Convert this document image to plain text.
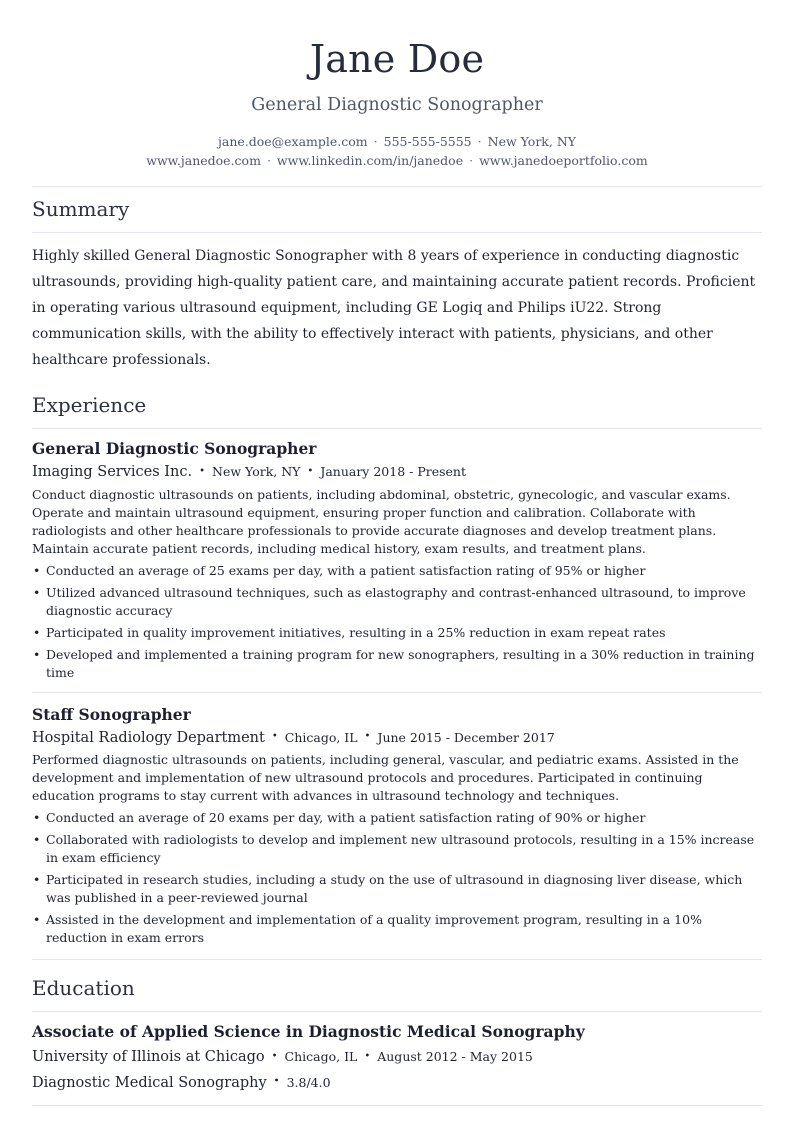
Jane Doe
General Diagnostic Sonographer
jane.doe@example.com · 555-555-5555 · New York, NY
www.janedoe.com · www.linkedin.com/in/janedoe · www.janedoeportfolio.com
Summary

Highly skilled General Diagnostic Sonographer with 8 years of experience in conducting diagnostic ultrasounds, providing high-quality patient care, and maintaining accurate patient records. Proficient in operating various ultrasound equipment, including GE Logiq and Philips iU22. Strong communication skills, with the ability to effectively interact with patients, physicians, and other healthcare professionals.

Experience
General Diagnostic Sonographer
Imaging Services Inc. • New York, NY • January 2018 - Present

Conduct diagnostic ultrasounds on patients, including abdominal, obstetric, gynecologic, and vascular exams. Operate and maintain ultrasound equipment, ensuring proper function and calibration. Collaborate with radiologists and other healthcare professionals to provide accurate diagnoses and develop treatment plans. Maintain accurate patient records, including medical history, exam results, and treatment plans.

• Conducted an average of 25 exams per day, with a patient satisfaction rating of 95% or higher
• Utilized advanced ultrasound techniques, such as elastography and contrast-enhanced ultrasound, to improve diagnostic accuracy
• Participated in quality improvement initiatives, resulting in a 25% reduction in exam repeat rates
• Developed and implemented a training program for new sonographers, resulting in a 30% reduction in training time
Staff Sonographer
Hospital Radiology Department • Chicago, IL • June 2015 - December 2017

Performed diagnostic ultrasounds on patients, including general, vascular, and pediatric exams. Assisted in the development and implementation of new ultrasound protocols and procedures. Participated in continuing education programs to stay current with advances in ultrasound technology and techniques.

• Conducted an average of 20 exams per day, with a patient satisfaction rating of 90% or higher
• Collaborated with radiologists to develop and implement new ultrasound protocols, resulting in a 15% increase in exam efficiency
• Participated in research studies, including a study on the use of ultrasound in diagnosing liver disease, which was published in a peer-reviewed journal
• Assisted in the development and implementation of a quality improvement program, resulting in a 10% reduction in exam errors
Education
Associate of Applied Science in Diagnostic Medical Sonography
University of Illinois at Chicago • Chicago, IL • August 2012 - May 2015
Diagnostic Medical Sonography • 3.8/4.0
